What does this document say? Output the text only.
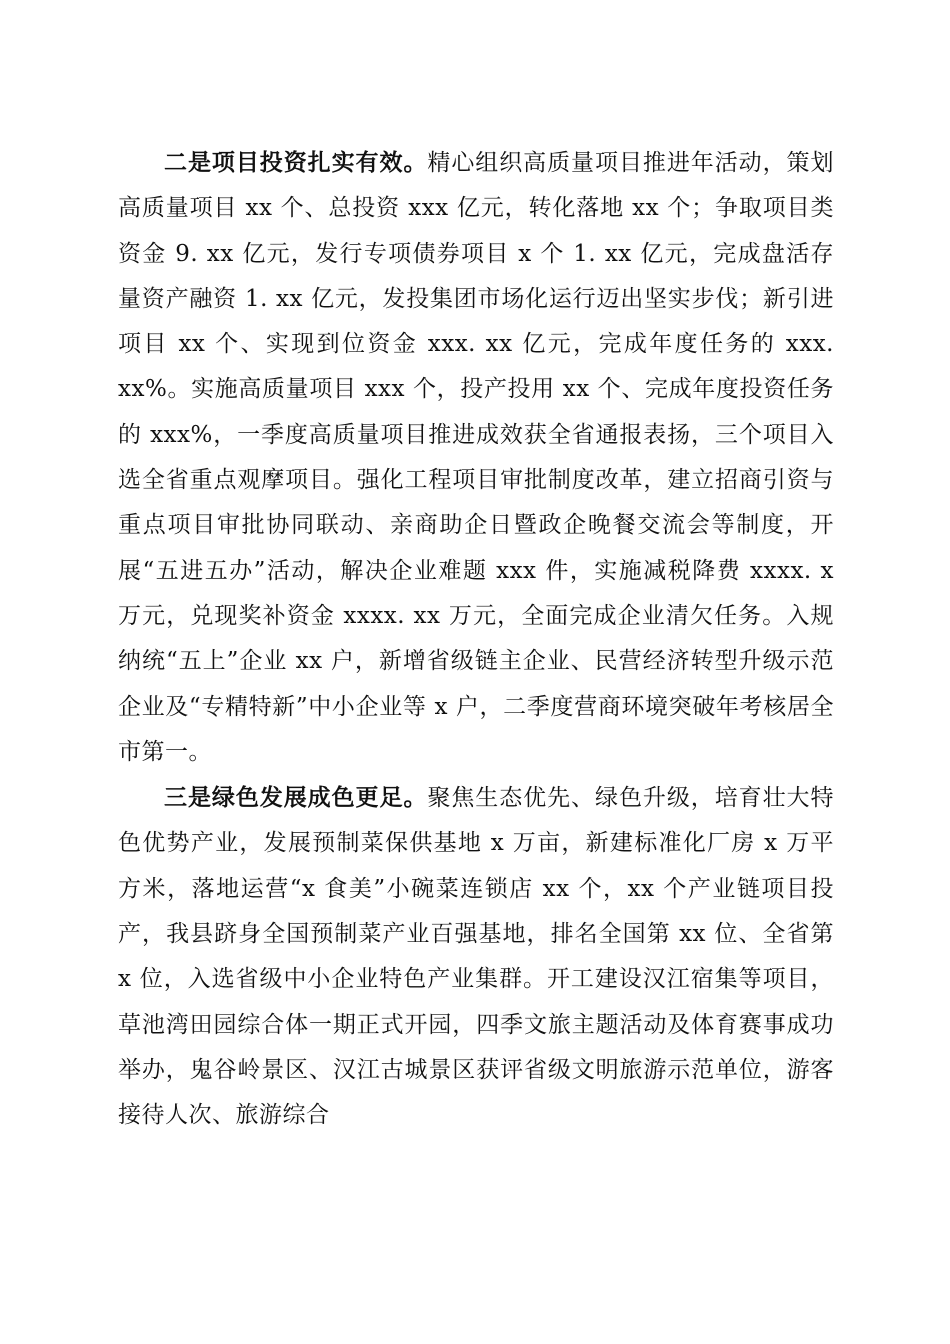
二是项目投资扎实有效。精心组织高质量项目推进年活动，策划高质量项目 xx 个、总投资 xxx 亿元，转化落地 xx 个；争取项目类资金 9. xx 亿元，发行专项债券项目 x 个 1. xx 亿元，完成盘活存量资产融资 1. xx 亿元，发投集团市场化运行迈出坚实步伐；新引进项目 xx 个、实现到位资金 xxx. xx 亿元，完成年度任务的 xxx. xx%。实施高质量项目 xxx 个，投产投用 xx 个、完成年度投资任务的 xxx%，一季度高质量项目推进成效获全省通报表扬，三个项目入选全省重点观摩项目。强化工程项目审批制度改革，建立招商引资与重点项目审批协同联动、亲商助企日暨政企晚餐交流会等制度，开展“五进五办”活动，解决企业难题 xxx 件，实施减税降费 xxxx. x 万元，兑现奖补资金 xxxx. xx 万元，全面完成企业清欠任务。入规纳统“五上”企业 xx 户，新增省级链主企业、民营经济转型升级示范企业及“专精特新”中小企业等 x 户，二季度营商环境突破年考核居全市第一。

三是绿色发展成色更足。聚焦生态优先、绿色升级，培育壮大特色优势产业，发展预制菜保供基地 x 万亩，新建标准化厂房 x 万平方米，落地运营“x 食美”小碗菜连锁店 xx 个，xx 个产业链项目投产，我县跻身全国预制菜产业百强基地，排名全国第 xx 位、全省第 x 位，入选省级中小企业特色产业集群。开工建设汉江宿集等项目，草池湾田园综合体一期正式开园，四季文旅主题活动及体育赛事成功举办，鬼谷岭景区、汉江古城景区获评省级文明旅游示范单位，游客接待人次、旅游综合
